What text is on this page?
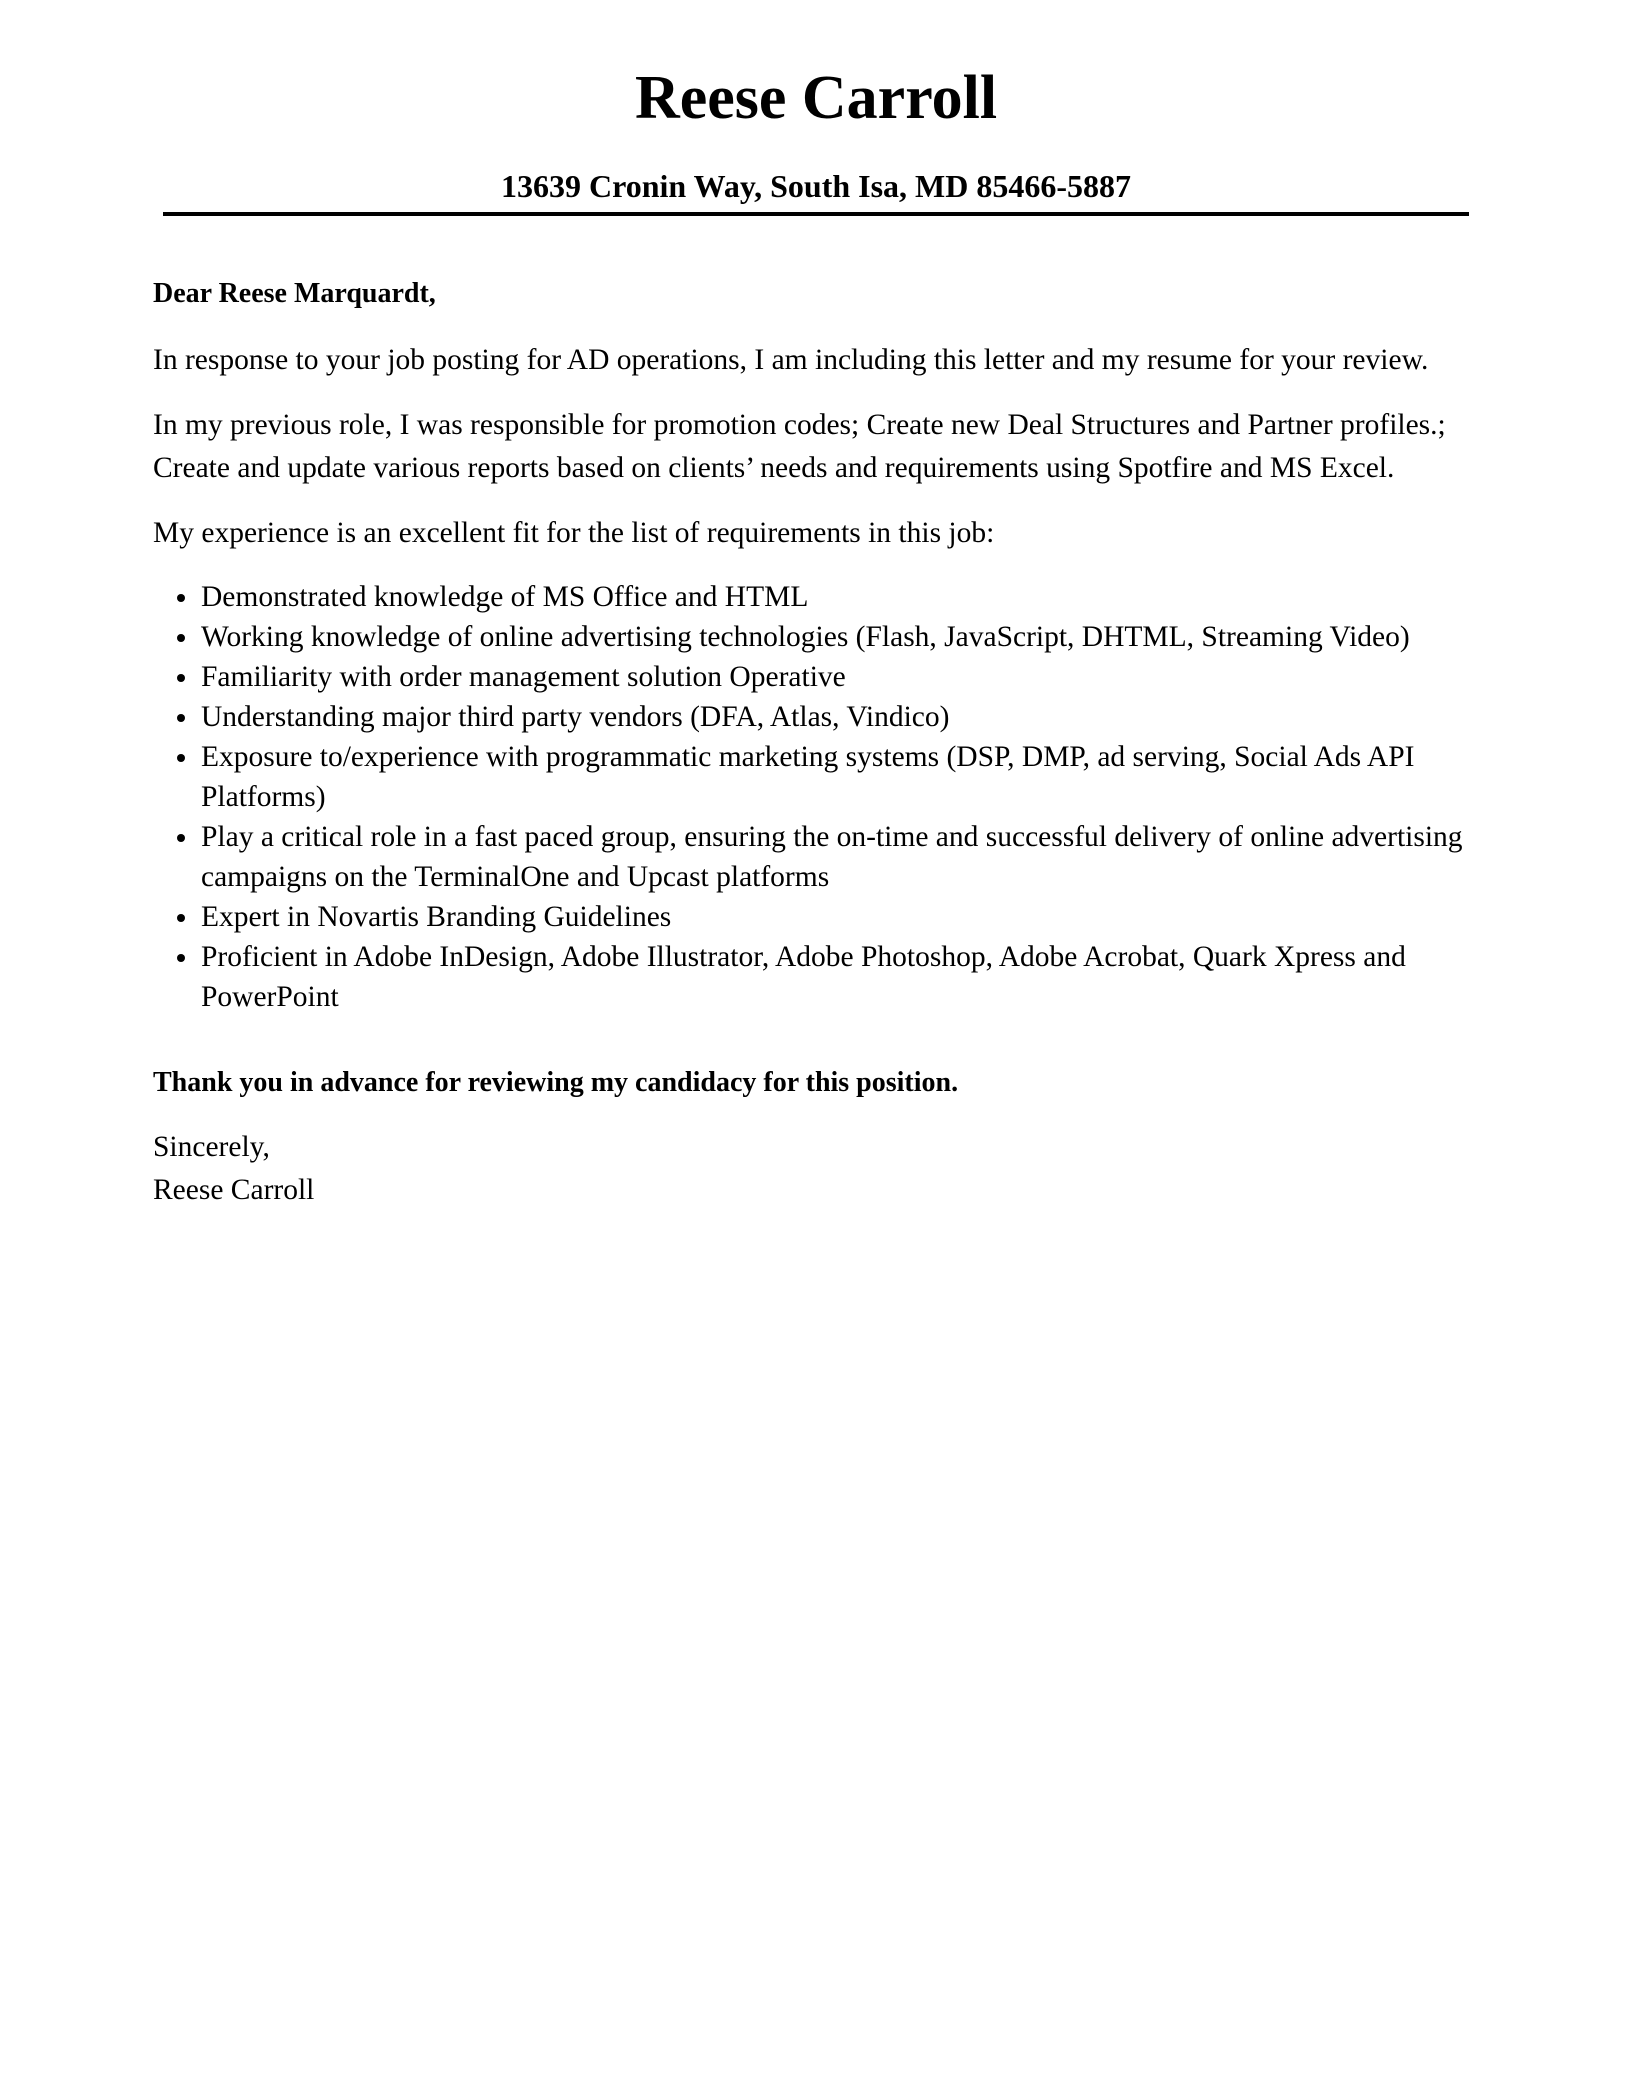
Reese Carroll
13639 Cronin Way, South Isa, MD 85466-5887

Dear Reese Marquardt,

In response to your job posting for AD operations, I am including this letter and my resume for your review.

In my previous role, I was responsible for promotion codes; Create new Deal Structures and Partner profiles.; Create and update various reports based on clients’ needs and requirements using Spotfire and MS Excel.

My experience is an excellent fit for the list of requirements in this job:

Demonstrated knowledge of MS Office and HTML
Working knowledge of online advertising technologies (Flash, JavaScript, DHTML, Streaming Video)
Familiarity with order management solution Operative
Understanding major third party vendors (DFA, Atlas, Vindico)
Exposure to/experience with programmatic marketing systems (DSP, DMP, ad serving, Social Ads API Platforms)
Play a critical role in a fast paced group, ensuring the on-time and successful delivery of online advertising campaigns on the TerminalOne and Upcast platforms
Expert in Novartis Branding Guidelines
Proficient in Adobe InDesign, Adobe Illustrator, Adobe Photoshop, Adobe Acrobat, Quark Xpress and PowerPoint

Thank you in advance for reviewing my candidacy for this position.

Sincerely,

Reese Carroll
